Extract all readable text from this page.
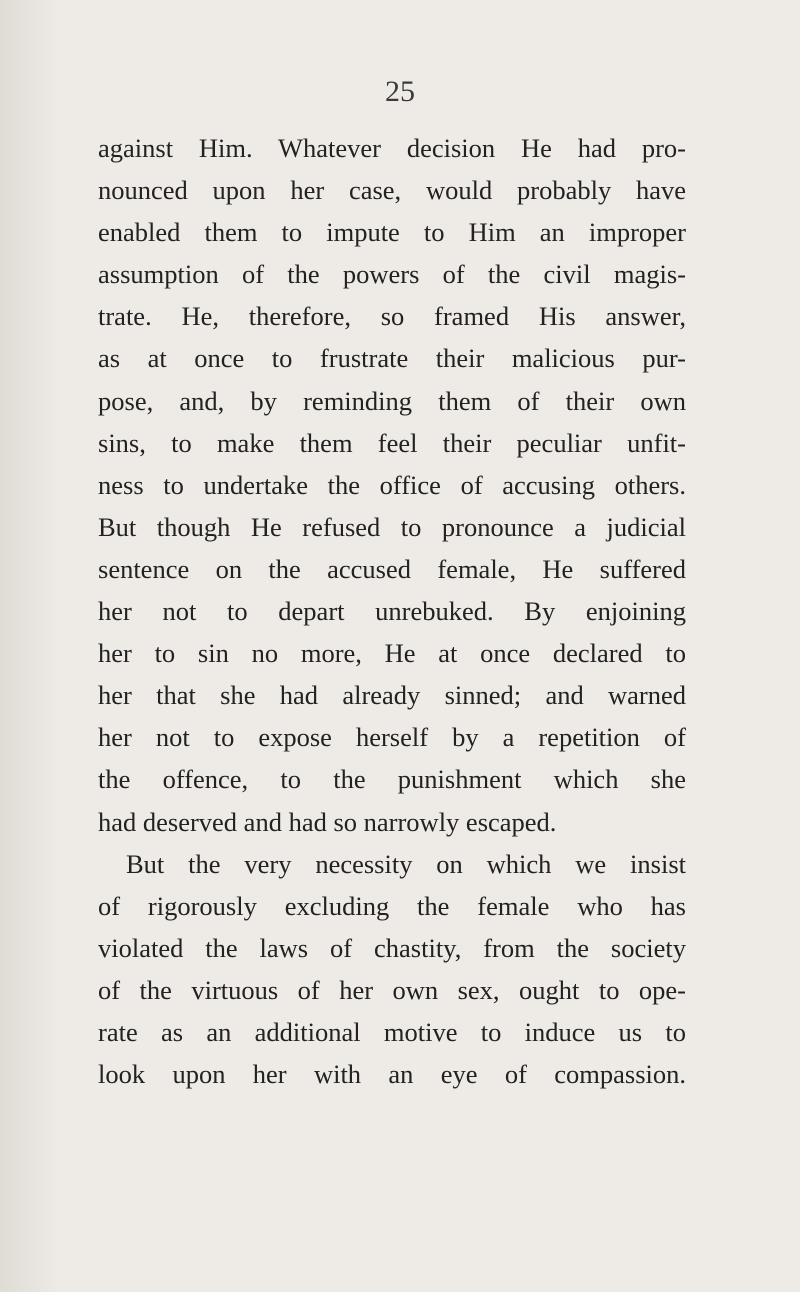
25
against Him. Whatever decision He had pro-
nounced upon her case, would probably have
enabled them to impute to Him an improper
assumption of the powers of the civil magis-
trate. He, therefore, so framed His answer,
as at once to frustrate their malicious pur-
pose, and, by reminding them of their own
sins, to make them feel their peculiar unfit-
ness to undertake the office of accusing others.
But though He refused to pronounce a judicial
sentence on the accused female, He suffered
her not to depart unrebuked. By enjoining
her to sin no more, He at once declared to
her that she had already sinned; and warned
her not to expose herself by a repetition of
the offence, to the punishment which she
had deserved and had so narrowly escaped.
But the very necessity on which we insist
of rigorously excluding the female who has
violated the laws of chastity, from the society
of the virtuous of her own sex, ought to ope-
rate as an additional motive to induce us to
look upon her with an eye of compassion.
